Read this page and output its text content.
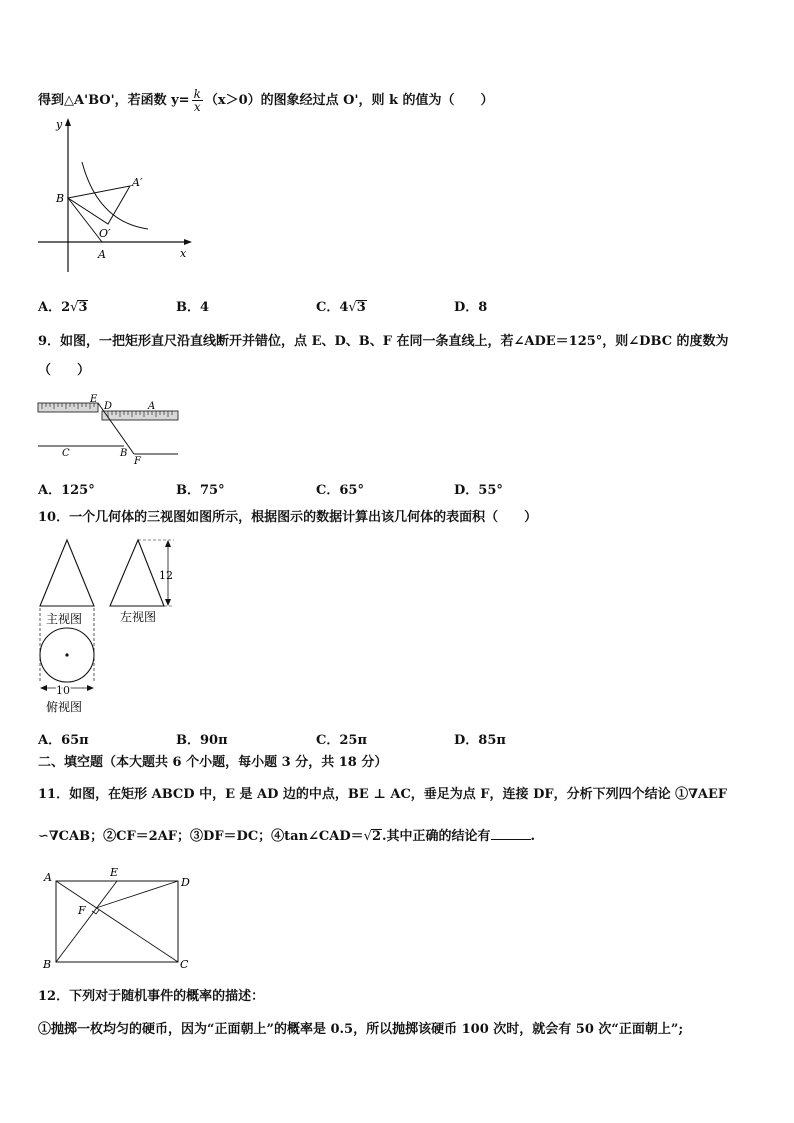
得到△A'BO'，若函数 $y= \frac{k}{x} (x>0)$的图象经过点 O'，则 k 的值为（　　）
B
A
A′
O′
y
x
A．2√3	B．4	C．4√3	D．8
9．如图，一把矩形直尺沿直线断开并错位，点 E、D、B、F 在同一条直线上，若∠ADE＝125°，则∠DBC 的度数为
（　　）
E
D	A
C	B
F
A．125°	B．75°	C．65°	D．55°
10．一个几何体的三视图如图所示，根据图示的数据计算出该几何体的表面积（　　）
12
10
主视图	左视图
俯视图
A．65π	B．90π	C．25π	D．85π
二、填空题（本大题共 6 个小题，每小题 3 分，共 18 分）
11．如图，在矩形 ABCD 中，E 是 AD 边的中点，BE ⊥ AC，垂足为点 F，连接 DF，分析下列四个结论 ①∇AEF
∽∇CAB；②CF＝2AF；③DF＝DC；④tan∠CAD＝√2.其中正确的结论有	.
A	E
D
F
B	C
12．下列对于随机事件的概率的描述：
①抛掷一枚均匀的硬币，因为“正面朝上”的概率是 0.5，所以抛掷该硬币 100 次时，就会有 50 次“正面朝上”;
